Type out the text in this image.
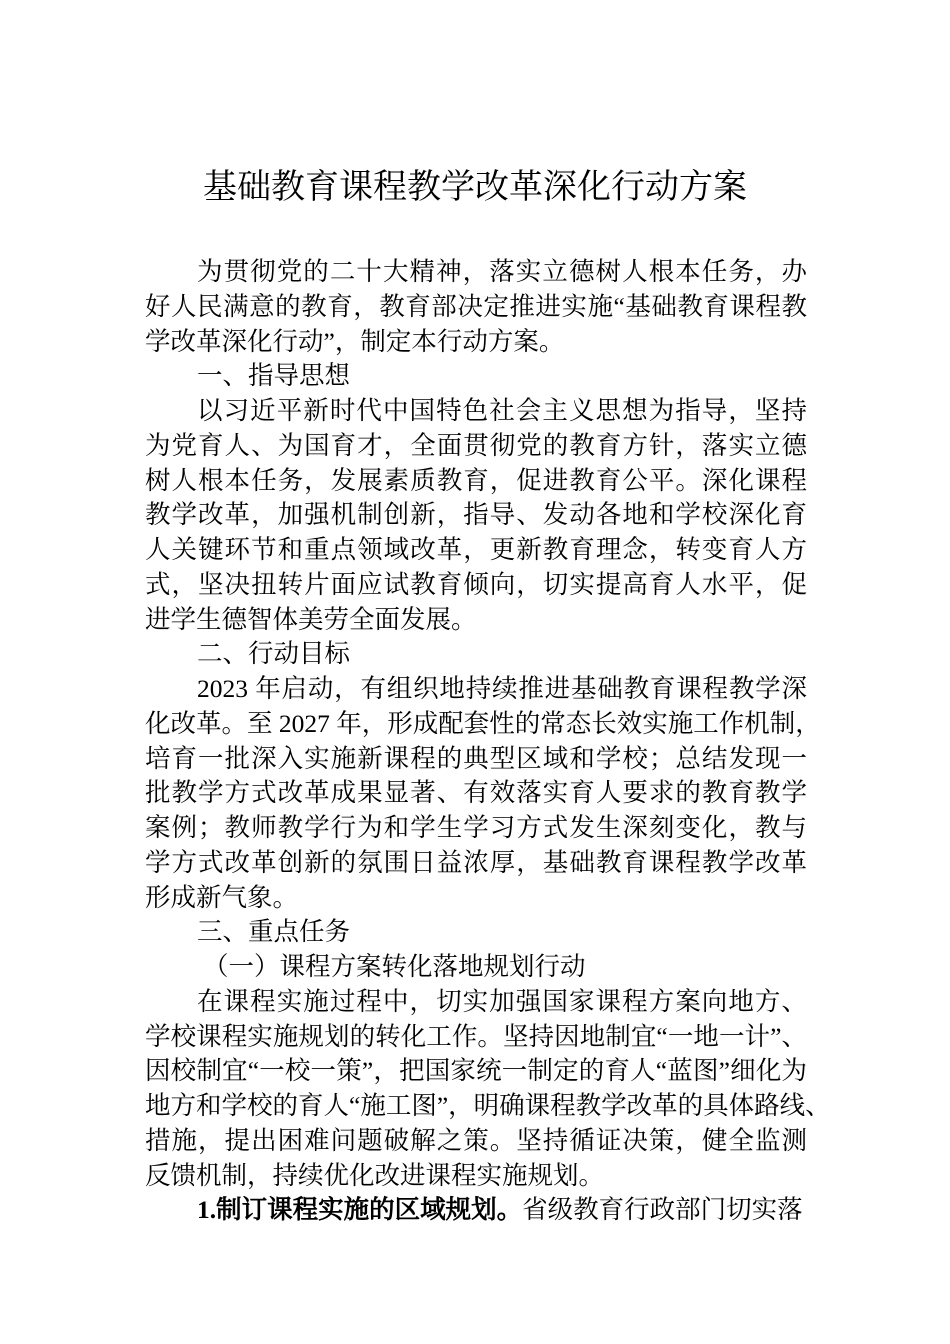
基础教育课程教学改革深化行动方案
为贯彻党的二十大精神，落实立德树人根本任务，办
好人民满意的教育，教育部决定推进实施“基础教育课程教
学改革深化行动”，制定本行动方案。
一、指导思想
以习近平新时代中国特色社会主义思想为指导，坚持
为党育人、为国育才，全面贯彻党的教育方针，落实立德
树人根本任务，发展素质教育，促进教育公平。深化课程
教学改革，加强机制创新，指导、发动各地和学校深化育
人关键环节和重点领域改革，更新教育理念，转变育人方
式，坚决扭转片面应试教育倾向，切实提高育人水平，促
进学生德智体美劳全面发展。
二、行动目标
2023 年启动，有组织地持续推进基础教育课程教学深
化改革。至 2027 年，形成配套性的常态长效实施工作机制，
培育一批深入实施新课程的典型区域和学校；总结发现一
批教学方式改革成果显著、有效落实育人要求的教育教学
案例；教师教学行为和学生学习方式发生深刻变化，教与
学方式改革创新的氛围日益浓厚，基础教育课程教学改革
形成新气象。
三、重点任务
（一）课程方案转化落地规划行动
在课程实施过程中，切实加强国家课程方案向地方、
学校课程实施规划的转化工作。坚持因地制宜“一地一计”、
因校制宜“一校一策”，把国家统一制定的育人“蓝图”细化为
地方和学校的育人“施工图”，明确课程教学改革的具体路线、
措施，提出困难问题破解之策。坚持循证决策，健全监测
反馈机制，持续优化改进课程实施规划。
1.制订课程实施的区域规划。省级教育行政部门切实落
